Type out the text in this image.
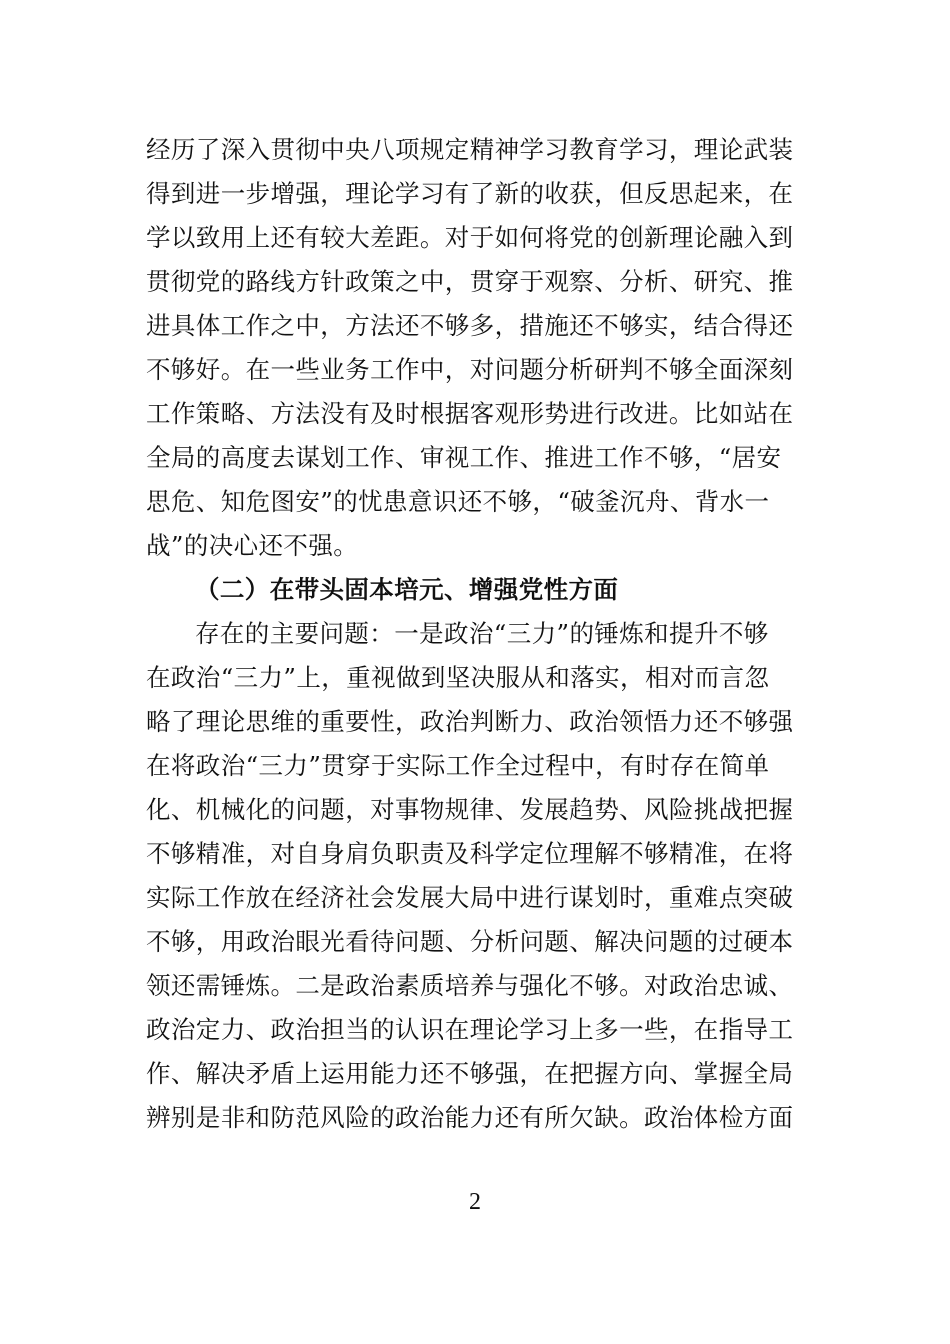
经历了深入贯彻中央八项规定精神学习教育学习，理论武装
得到进一步增强，理论学习有了新的收获，但反思起来，在
学以致用上还有较大差距。对于如何将党的创新理论融入到
贯彻党的路线方针政策之中，贯穿于观察、分析、研究、推
进具体工作之中，方法还不够多，措施还不够实，结合得还
不够好。在一些业务工作中，对问题分析研判不够全面深刻
工作策略、方法没有及时根据客观形势进行改进。比如站在
全局的高度去谋划工作、审视工作、推进工作不够，“居安
思危、知危图安”的忧患意识还不够，“破釜沉舟、背水一
战”的决心还不强。
（二）在带头固本培元、增强党性方面
存在的主要问题：一是政治“三力”的锤炼和提升不够
在政治“三力”上，重视做到坚决服从和落实，相对而言忽
略了理论思维的重要性，政治判断力、政治领悟力还不够强
在将政治“三力”贯穿于实际工作全过程中，有时存在简单
化、机械化的问题，对事物规律、发展趋势、风险挑战把握
不够精准，对自身肩负职责及科学定位理解不够精准，在将
实际工作放在经济社会发展大局中进行谋划时，重难点突破
不够，用政治眼光看待问题、分析问题、解决问题的过硬本
领还需锤炼。二是政治素质培养与强化不够。对政治忠诚、
政治定力、政治担当的认识在理论学习上多一些，在指导工
作、解决矛盾上运用能力还不够强，在把握方向、掌握全局
辨别是非和防范风险的政治能力还有所欠缺。政治体检方面
2
